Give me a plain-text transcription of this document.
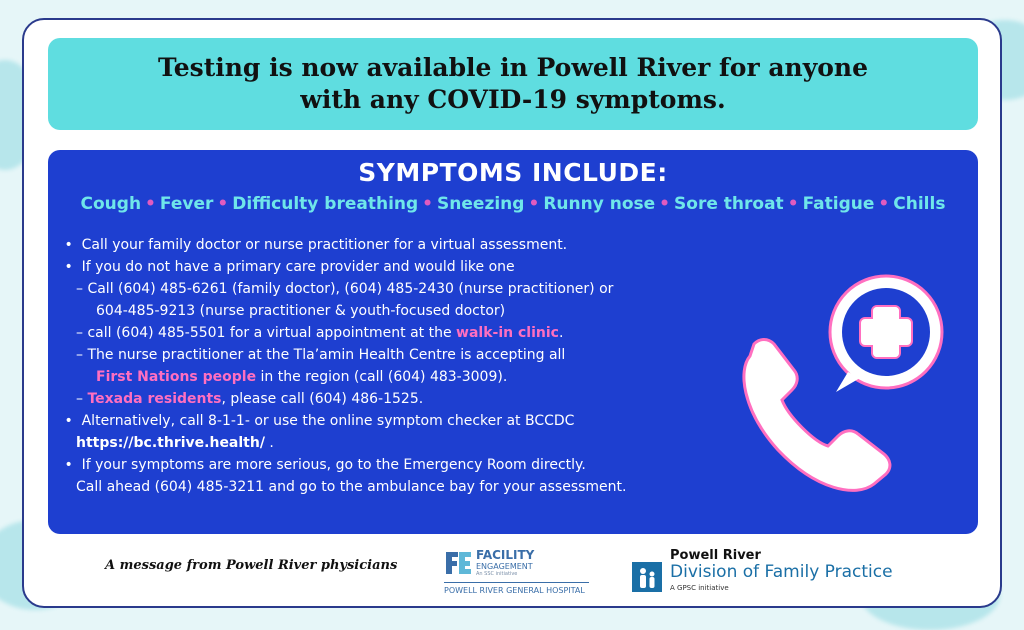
Testing is now available in Powell River for anyone
with any COVID-19 symptoms.
SYMPTOMS INCLUDE:
Cough • Fever • Difficulty breathing • Sneezing • Runny nose • Sore throat • Fatigue • Chills
•  Call your family doctor or nurse practitioner for a virtual assessment.
•  If you do not have a primary care provider and would like one
– Call (604) 485-6261 (family doctor), (604) 485-2430 (nurse practitioner) or
604-485-9213 (nurse practitioner & youth-focused doctor)
– call (604) 485-5501 for a virtual appointment at the walk-in clinic.
– The nurse practitioner at the Tla’amin Health Centre is accepting all
First Nations people in the region (call (604) 483-3009).
– Texada residents, please call (604) 486-1525.
•  Alternatively, call 8-1-1- or use the online symptom checker at BCCDC
https://bc.thrive.health/ .
•  If your symptoms are more serious, go to the Emergency Room directly.
Call ahead (604) 485-3211 and go to the ambulance bay for your assessment.
A message from Powell River physicians
FACILITY
ENGAGEMENT
An SSC initiative
POWELL RIVER GENERAL HOSPITAL
Powell River
Division of Family Practice
A GPSC initiative
